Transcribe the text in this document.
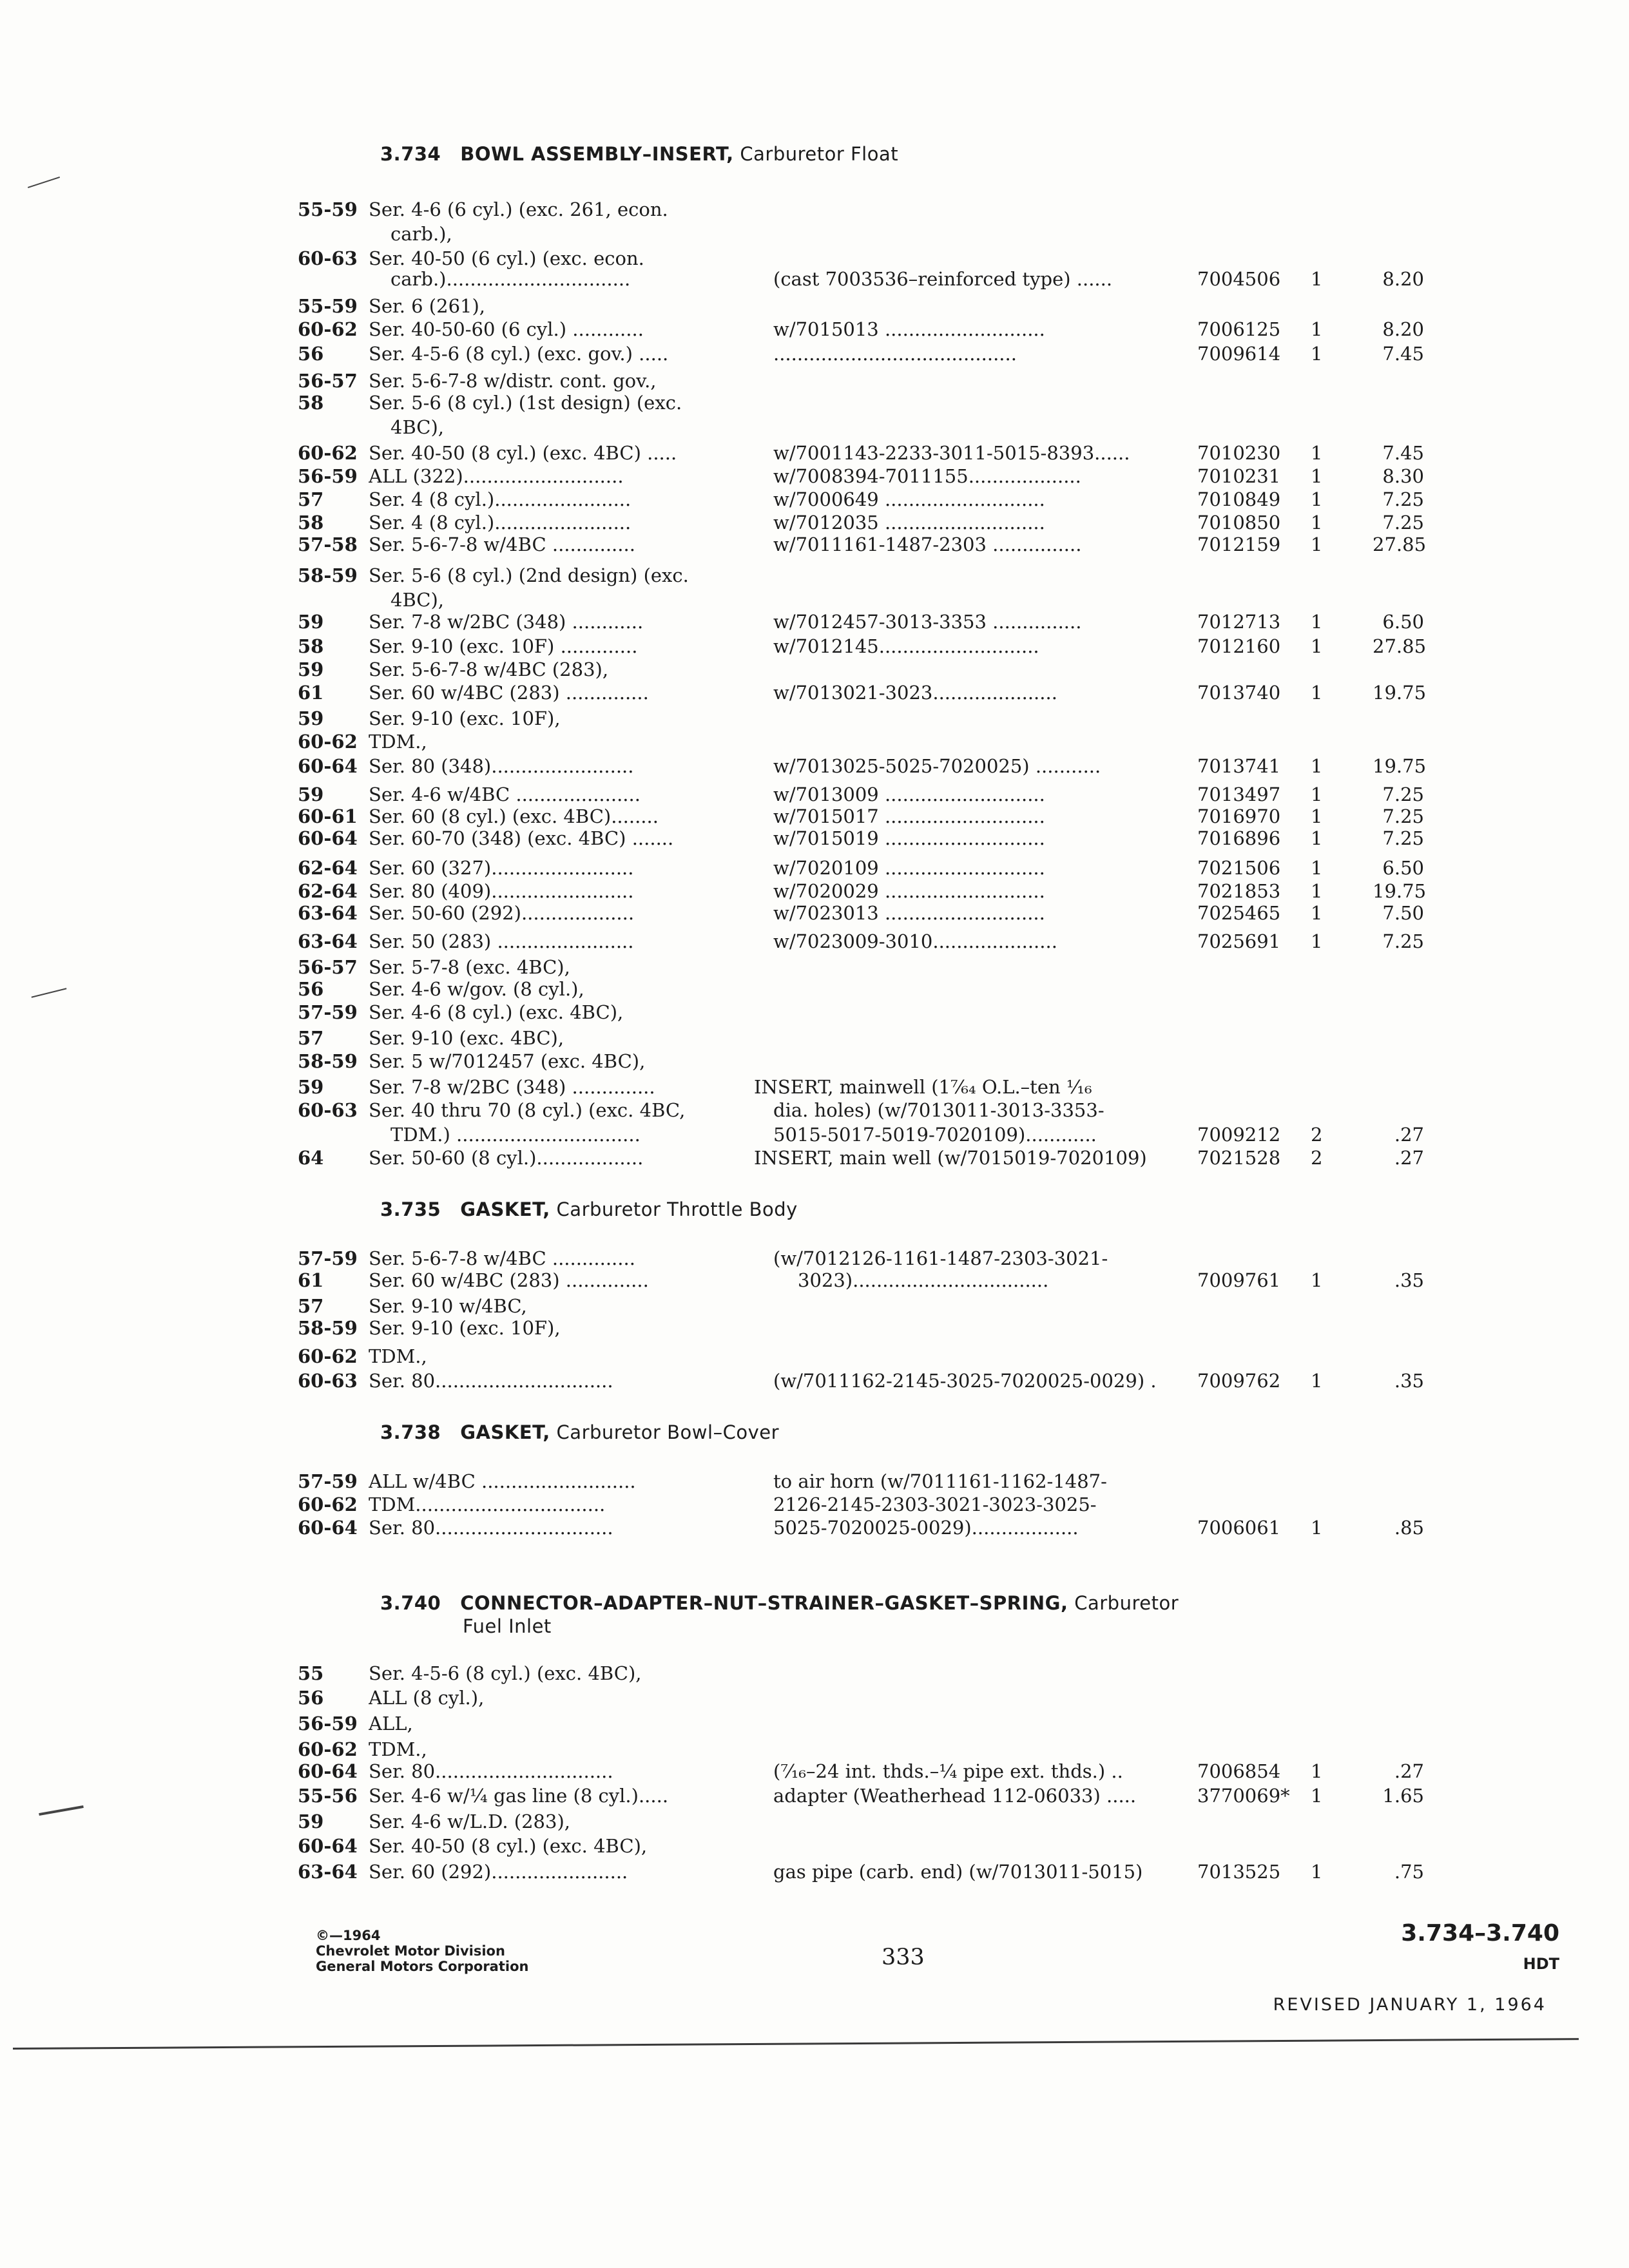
3.734 BOWL ASSEMBLY–INSERT, Carburetor Float
3.735 GASKET, Carburetor Throttle Body
3.738 GASKET, Carburetor Bowl–Cover
3.740 CONNECTOR–ADAPTER–NUT–STRAINER–GASKET–SPRING, Carburetor
Fuel Inlet
55-59 Ser. 4-6 (6 cyl.) (exc. 261, econ.
carb.),
60-63 Ser. 40-50 (6 cyl.) (exc. econ.
carb.)...............................	(cast 7003536–reinforced type) ......	7004506 1	8.20
55-59 Ser. 6 (261),
60-62 Ser. 40-50-60 (6 cyl.) ............	w/7015013 ...........................	7006125 1	8.20
56 Ser. 4-5-6 (8 cyl.) (exc. gov.) .....	.........................................	7009614 1	7.45
56-57 Ser. 5-6-7-8 w/distr. cont. gov.,
58 Ser. 5-6 (8 cyl.) (1st design) (exc.
4BC),
60-62 Ser. 40-50 (8 cyl.) (exc. 4BC) .....	w/7001143-2233-3011-5015-8393......	7010230 1	7.45
56-59 ALL (322)...........................	w/7008394-7011155...................	7010231 1	8.30
57 Ser. 4 (8 cyl.).......................	w/7000649 ...........................	7010849 1	7.25
58 Ser. 4 (8 cyl.).......................	w/7012035 ...........................	7010850 1	7.25
57-58 Ser. 5-6-7-8 w/4BC ..............	w/7011161-1487-2303 ...............	7012159 1	27.85
58-59 Ser. 5-6 (8 cyl.) (2nd design) (exc.
4BC),
59 Ser. 7-8 w/2BC (348) ............	w/7012457-3013-3353 ...............	7012713 1	6.50
58 Ser. 9-10 (exc. 10F) .............	w/7012145...........................	7012160 1	27.85
59 Ser. 5-6-7-8 w/4BC (283),
61 Ser. 60 w/4BC (283) ..............	w/7013021-3023.....................	7013740 1	19.75
59 Ser. 9-10 (exc. 10F),
60-62 TDM.,
60-64 Ser. 80 (348)........................	w/7013025-5025-7020025) ...........	7013741 1	19.75
59 Ser. 4-6 w/4BC .....................	w/7013009 ...........................	7013497 1	7.25
60-61 Ser. 60 (8 cyl.) (exc. 4BC)........	w/7015017 ...........................	7016970 1	7.25
60-64 Ser. 60-70 (348) (exc. 4BC) .......	w/7015019 ...........................	7016896 1	7.25
62-64 Ser. 60 (327)........................	w/7020109 ...........................	7021506 1	6.50
62-64 Ser. 80 (409)........................	w/7020029 ...........................	7021853 1	19.75
63-64 Ser. 50-60 (292)...................	w/7023013 ...........................	7025465 1	7.50
63-64 Ser. 50 (283) .......................	w/7023009-3010.....................	7025691 1	7.25
56-57 Ser. 5-7-8 (exc. 4BC),
56 Ser. 4-6 w/gov. (8 cyl.),
57-59 Ser. 4-6 (8 cyl.) (exc. 4BC),
57 Ser. 9-10 (exc. 4BC),
58-59 Ser. 5 w/7012457 (exc. 4BC),
59 Ser. 7-8 w/2BC (348) ..............	INSERT, mainwell (1⁷⁄₆₄ O.L.–ten ¹⁄₁₆
60-63 Ser. 40 thru 70 (8 cyl.) (exc. 4BC,	dia. holes) (w/7013011-3013-3353-
TDM.) ...............................	5015-5017-5019-7020109)............	7009212 2	.27
64 Ser. 50-60 (8 cyl.)..................	INSERT, main well (w/7015019-7020109)	7021528 2	.27
57-59 Ser. 5-6-7-8 w/4BC ..............	(w/7012126-1161-1487-2303-3021-
61 Ser. 60 w/4BC (283) ..............	3023).................................	7009761 1	.35
57 Ser. 9-10 w/4BC,
58-59 Ser. 9-10 (exc. 10F),
60-62 TDM.,
60-63 Ser. 80..............................	(w/7011162-2145-3025-7020025-0029) .	7009762 1	.35
57-59 ALL w/4BC ..........................	to air horn (w/7011161-1162-1487-
60-62 TDM................................	2126-2145-2303-3021-3023-3025-
60-64 Ser. 80..............................	5025-7020025-0029)..................	7006061 1	.85
55 Ser. 4-5-6 (8 cyl.) (exc. 4BC),
56 ALL (8 cyl.),
56-59 ALL,
60-62 TDM.,
60-64 Ser. 80..............................	(⁷⁄₁₆–24 int. thds.–¼ pipe ext. thds.) ..	7006854 1	.27
55-56 Ser. 4-6 w/¼ gas line (8 cyl.).....	adapter (Weatherhead 112-06033) .....	3770069* 1	1.65
59 Ser. 4-6 w/L.D. (283),
60-64 Ser. 40-50 (8 cyl.) (exc. 4BC),
63-64 Ser. 60 (292).......................	gas pipe (carb. end) (w/7013011-5015)	7013525 1	.75
©—1964
Chevrolet Motor Division
General Motors Corporation	333
3.734–3.740
HDT
REVISED JANUARY 1, 1964
